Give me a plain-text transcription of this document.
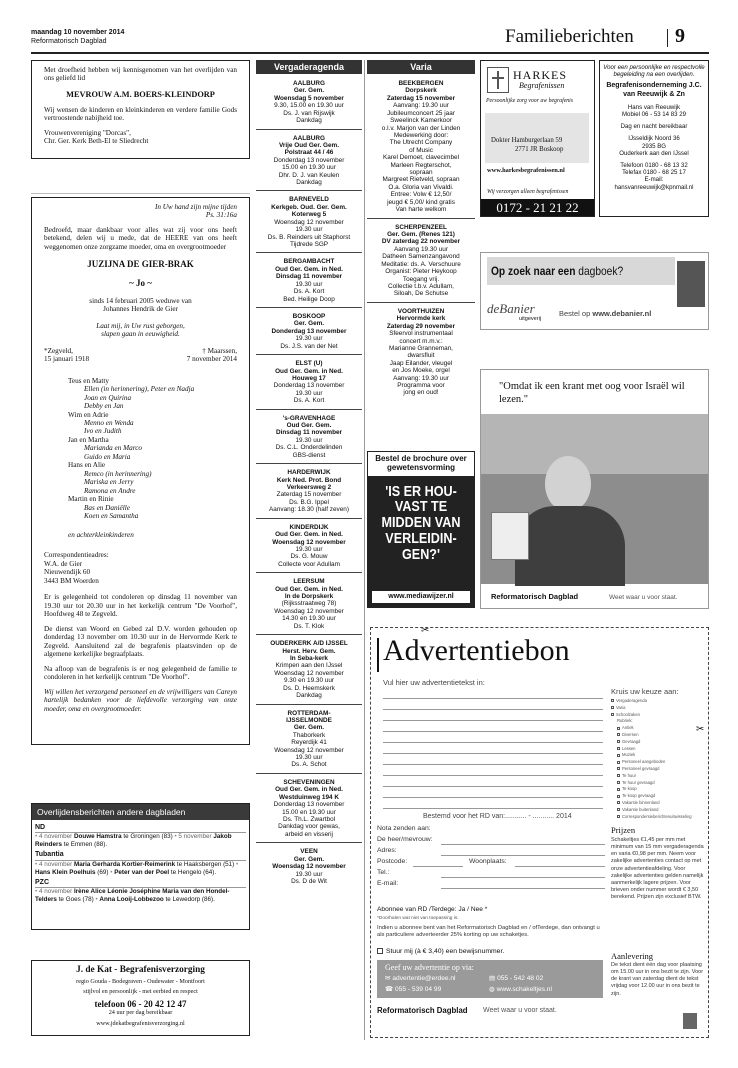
maandag 10 november 2014
Reformatorisch Dagblad	Familieberichten 9
Met droefheid hebben wij kennisgenomen van het overlijden van ons geliefd lid
MEVROUW A.M. BOERS-KLEINDORP
Wij wensen de kinderen en kleinkinderen en verdere familie Gods vertroostende nabijheid toe.
Vrouwenvereniging "Dorcas",
Chr. Ger. Kerk Beth-El te Sliedrecht
In Uw hand zijn mijne tijden
Ps. 31:16a
Bedroefd, maar dankbaar voor alles wat zij voor ons heeft betekend, delen wij u mede, dat de HEERE van ons heeft weggenomen onze zorgzame moeder, oma en overgrootmoeder
JUZIJNA DE GIER-BRAK
~ Jo ~
sinds 14 februari 2005 weduwe van
Johannes Hendrik de Gier
Laat mij, in Uw rust geborgen,
slapen gaan in eeuwigheid.
*Zegveld,
15 januari 1918
† Maarssen,
7 november 2014
Teus en Matty
Ellen (in herinnering), Peter en Nadja
Joan en Quirina
Debby en Jan
Wim en Adrie
Menno en Wenda
Ivo en Judith
Jan en Martha
Marianda en Marco
Guido en Maria
Hans en Alie
Remco (in herinnering)
Mariska en Jerry
Ramona en Andre
Martin en Rinie
Bas en Daniëlle
Koen en Samantha
en achterkleinkinderen
Correspondentieadres:
W.A. de Gier
Nieuwendijk 60
3443 BM Woerden
Er is gelegenheid tot condoleren op dinsdag 11 november van 19.30 uur tot 20.30 uur in het kerkelijk centrum "De Voorhof", Hoofdweg 48 te Zegveld.
De dienst van Woord en Gebed zal D.V. worden gehouden op donderdag 13 november om 10.30 uur in de Hervormde Kerk te Zegveld. Aansluitend zal de begrafenis plaatsvinden op de algemene kerkelijke begraafplaats.
Na afloop van de begrafenis is er nog gelegenheid de familie te condoleren in het kerkelijk centrum "De Voorhof".
Wij willen het verzorgend personeel en de vrijwilligers van Careyn hartelijk bedanken voor de liefdevolle verzorging van onze moeder, oma en overgrootmoeder.
Overlijdensberichten andere dagbladen
ND
• 4 november Douwe Hamstra te Groningen (83) • 5 november Jakob Reinders te Emmen (88).
Tubantia
• 4 november Maria Gerharda Kortier-Reimerink te Haaksbergen (51) • Hans Klein Poelhuis (69) • Peter van der Poel te Hengelo (64).
PZC
• 4 november Irène Alice Léonie Joséphine Maria van den Hondel-Telders te Goes (78) • Anna Looij-Lobbezoo te Lewedorp (86).
J. de Kat - Begrafenisverzorging
regio Gouda - Bodegraven - Oudewater - Montfoort
stijlvol en persoonlijk - met eerbied en respect
telefoon 06 - 20 42 12 47
24 uur per dag bereikbaar
www.jdekatbegrafenisverzorging.nl
Vergaderagenda
AALBURG
Ger. Gem.
Woensdag 5 november
9.30, 15.00 en 19.30 uur
Ds. J. van Rijswijk
Dankdag
AALBURG
Vrije Oud Ger. Gem.
Polstraat 44 / 46
Donderdag 13 november
15.00 en 19.30 uur
Dhr. D. J. van Keulen
Dankdag
BARNEVELD
Kerkgeb. Oud. Ger. Gem.
Koterweg 5
Woensdag 12 november
19.30 uur
Ds. B. Reinders uit Staphorst
Tijdrede SGP
BERGAMBACHT
Oud Ger. Gem. in Ned.
Dinsdag 11 november
19.30 uur
Ds. A. Kort
Bed. Heilige Doop
BOSKOOP
Ger. Gem.
Donderdag 13 november
19.30 uur
Ds. J.S. van der Net
ELST (U)
Oud Ger. Gem. in Ned.
Houweg 17
Donderdag 13 november
19.30 uur
Ds. A. Kort
's-GRAVENHAGE
Oud Ger. Gem.
Dinsdag 11 november
19.30 uur
Ds. C.L. Onderdelinden
GBS-dienst
HARDERWIJK
Kerk Ned. Prot. Bond
Verkeersweg 2
Zaterdag 15 november
Ds. B.G. Ippel
Aanvang: 18.30 (half zeven)
KINDERDIJK
Oud Ger. Gem. in Ned.
Woensdag 12 november
19.30 uur
Ds. G. Mouw
Collecte voor Adullam
LEERSUM
Oud Ger. Gem. in Ned.
In de Dorpskerk
(Rijksstraatweg 78)
Woensdag 12 november
14.30 en 19.30 uur
Ds. T. Klok
OUDERKERK A/D IJSSEL
Herst. Herv. Gem.
In Seba-kerk
Krimpen aan den IJssel
Woensdag 12 november
9.30 en 19.30 uur
Ds. D. Heemskerk
Dankdag
ROTTERDAM-
IJSSELMONDE
Ger. Gem.
Thaborkerk
Reyerdijk 41
Woensdag 12 november
19.30 uur
Ds. A. Schot
SCHEVENINGEN
Oud Ger. Gem. in Ned.
Westduinweg 194 K
Donderdag 13 november
15.00 en 19.30 uur
Ds. Th.L. Zwartbol
Dankdag voor gewas,
arbeid en visserij
VEEN
Ger. Gem.
Woensdag 12 november
19.30 uur
Ds. D de Wit
Varia
BEEKBERGEN
Dorpskerk
Zaterdag 15 november
Aanvang: 19.30 uur
Jubileumconcert 25 jaar
Sweelinck Kamerkoor
o.l.v. Marjon van der Linden
Medewerking door:
The Utrecht Company
of Music
Karel Demoet, clavecimbel
Marleen Regterschot,
sopraan
Margreet Rietveld, sopraan
O.a. Gloria van Vivaldi.
Entree: Volw € 12,50/
jeugd € 5,00/ kind gratis
Van harte welkom
SCHERPENZEEL
Ger. Gem. (Renes 121)
DV zaterdag 22 november
Aanvang 19.30 uur
Datheen Samenzangavond
Meditatie: ds. A. Verschuure
Organist: Pieter Heykoop
Toegang vrij.
Collectie t.b.v. Adullam,
Siloah, De Schutse
VOORTHUIZEN
Hervormde kerk
Zaterdag 29 november
Sfeervol instrumentaal
concert m.m.v.:
Marianne Granneman,
dwarsfluit
Jaap Eilander, vleugel
en Jos Moeke, orgel
Aanvang: 19.30 uur
Programma voor
jong en oud!
Bestel de brochure over gewetensvorming
'IS ER HOU-
VAST TE
MIDDEN VAN
VERLEIDIN-
GEN?'
www.mediawijzer.nl
HARKES
Begrafenissen
Persoonlijke zorg voor uw begrafenis
Dokter Hamburgerlaan 59
2771 JR Boskoop
www.harkesbegrafenissen.nl
Wij verzorgen alleen begrafenissen
0172 - 21 21 22
Voor een persoonlijke en respectvolle begeleiding na een overlijden.
Begrafenisonderneming J.C. van Reeuwijk & Zn
Hans van Reeuwijk
Mobiel 06 - 53 14 83 29
Dag en nacht bereikbaar
IJsseldijk Noord 36
2935 BG
Ouderkerk aan den IJssel
Telefoon 0180 - 68 13 32
Telefax 0180 - 68 25 17
E-mail:
hansvanreeuwijk@kpnmail.nl
Op zoek naar een dagboek?
deBanier
uitgeverij
Bestel op www.debanier.nl
"Omdat ik een krant met oog voor Israël wil lezen."
Reformatorisch Dagblad	Weet waar u voor staat.
✂
Advertentiebon
Vul hier uw advertentietekst in:
Kruis uw keuze aan:
Vergaderagenda
Varia
Schoolzaken
Rubriek:
Antiek
Diversen
Gevraagd
Lessen
Muziek
Personeel aangeboden
Personeel gevraagd
Te huur
Te huur gevraagd
Te koop
Te koop gevraagd
Vakantie binnenland
Vakantie buitenland
Correspondentieberichtenuitwisseling
✂
Bestemd voor het RD van:........... - ........... 2014
Nota zenden aan:
De heer/mevrouw:
Adres:
Postcode:	Woonplaats:
Tel.:
E-mail:
Abonnee van RD /Terdege: Ja / Nee *
*Doorhalen wat niet van toepassing is.
Indien u abonnee bent van het Reformatorisch Dagblad en / ofTerdege, dan ontvangt u als particuliere adverteerder 25% korting op uw schaketjes.
Stuur mij (à € 3,40) een bewijsnummer.
Geef uw advertentie op via:
✉ advertentie@erdee.nl	▤ 055 - 542 48 02
☎ 055 - 539 04 99	◍ www.schakeltjes.nl
Reformatorisch Dagblad Weet waar u voor staat.
Prijzen
Schakeltjes €1,45 per mm met minimum van 15 mm vergaderagenda en varia €0,98 per mm. Neem voor zakelijke advertenties contact op met onze advertentieafdeling. Voor zakelijke advertenties gelden namelijk aanmerkelijk lagere prijzen. Voor brieven onder nummer wordt € 3,50 berekend. Prijzen zijn exclusief BTW.
Aanlevering
De tekst dient één dag voor plaatsing om 15.00 uur in ons bezit te zijn. Voor de krant van zaterdag dient de tekst vrijdag voor 12.00 uur in ons bezit te zijn.
